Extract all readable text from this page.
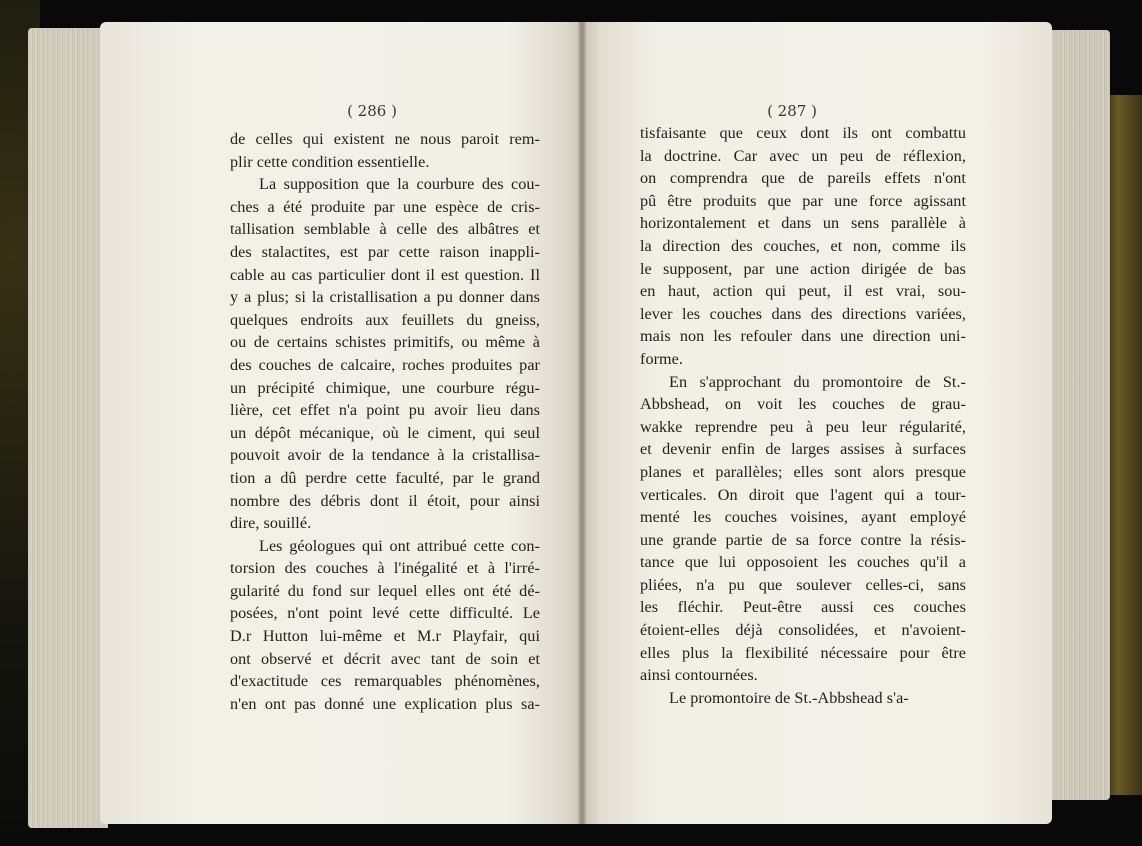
( 286 )	( 287 )
de celles qui existent ne nous paroit rem-
plir cette condition essentielle.
La supposition que la courbure des cou-
ches a été produite par une espèce de cris-
tallisation semblable à celle des albâtres et
des stalactites, est par cette raison inappli-
cable au cas particulier dont il est question. Il
y a plus; si la cristallisation a pu donner dans
quelques endroits aux feuillets du gneiss,
ou de certains schistes primitifs, ou même à
des couches de calcaire, roches produites par
un précipité chimique, une courbure régu-
lière, cet effet n'a point pu avoir lieu dans
un dépôt mécanique, où le ciment, qui seul
pouvoit avoir de la tendance à la cristallisa-
tion a dû perdre cette faculté, par le grand
nombre des débris dont il étoit, pour ainsi
dire, souillé.
Les géologues qui ont attribué cette con-
torsion des couches à l'inégalité et à l'irré-
gularité du fond sur lequel elles ont été dé-
posées, n'ont point levé cette difficulté. Le
D.r Hutton lui-même et M.r Playfair, qui
ont observé et décrit avec tant de soin et
d'exactitude ces remarquables phénomènes,
n'en ont pas donné une explication plus sa-
tisfaisante que ceux dont ils ont combattu
la doctrine. Car avec un peu de réflexion,
on comprendra que de pareils effets n'ont
pû être produits que par une force agissant
horizontalement et dans un sens parallèle à
la direction des couches, et non, comme ils
le supposent, par une action dirigée de bas
en haut, action qui peut, il est vrai, sou-
lever les couches dans des directions variées,
mais non les refouler dans une direction uni-
forme.
En s'approchant du promontoire de St.-
Abbshead, on voit les couches de grau-
wakke reprendre peu à peu leur régularité,
et devenir enfin de larges assises à surfaces
planes et parallèles; elles sont alors presque
verticales. On diroit que l'agent qui a tour-
menté les couches voisines, ayant employé
une grande partie de sa force contre la résis-
tance que lui opposoient les couches qu'il a
pliées, n'a pu que soulever celles-ci, sans
les fléchir. Peut-être aussi ces couches
étoient-elles déjà consolidées, et n'avoient-
elles plus la flexibilité nécessaire pour être
ainsi contournées.
Le promontoire de St.-Abbshead s'a-
